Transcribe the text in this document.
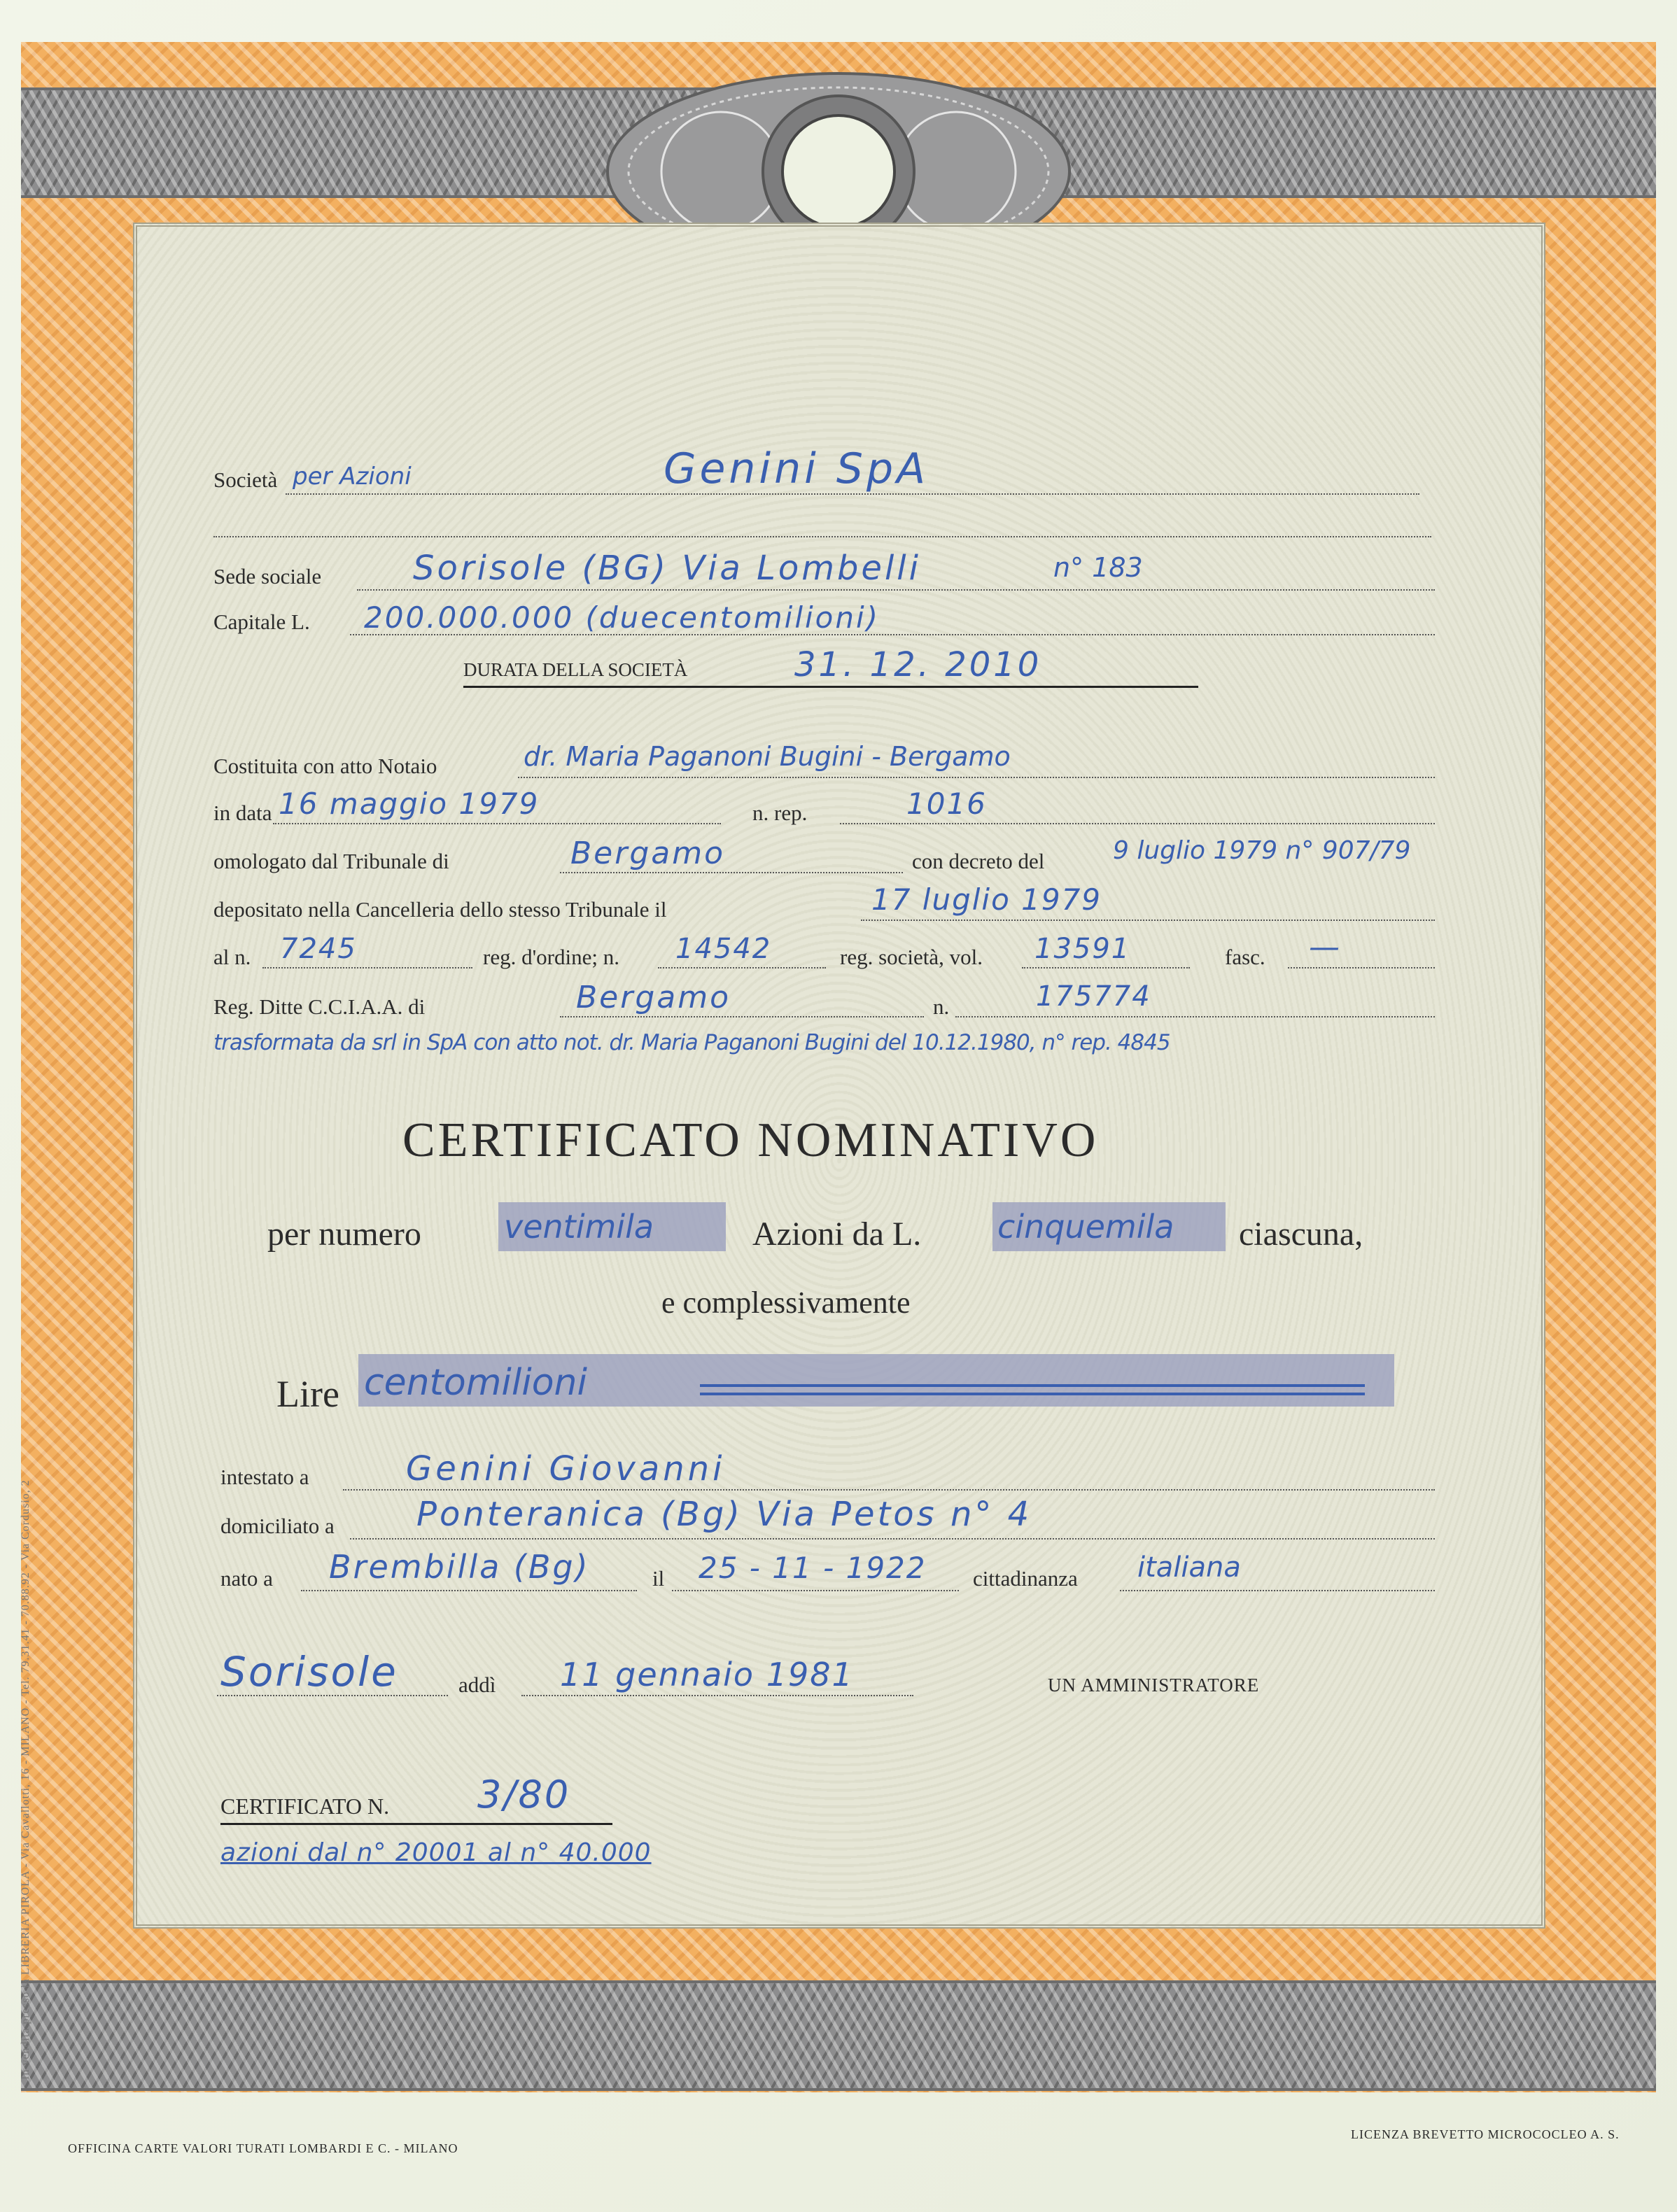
Società per Azioni	Genini SpA
Sede sociale	Sorisole (BG) Via Lombelli	n° 183
Capitale L. 200.000.000 (duecentomilioni)
DURATA DELLA SOCIETÀ	31. 12. 2010
Costituita con atto Notaio	dr. Maria Paganoni Bugini - Bergamo
in data 16 maggio 1979	n. rep.	1016
omologato dal Tribunale di	Bergamo	con decreto del	9 luglio 1979 n° 907/79
depositato nella Cancelleria dello stesso Tribunale il	17 luglio 1979
al n. 7245	reg. d'ordine; n. 14542	reg. società, vol. 13591	fasc. —
Reg. Ditte C.C.I.A.A. di	Bergamo	n.	175774
trasformata da srl in SpA con atto not. dr. Maria Paganoni Bugini del 10.12.1980, n° rep. 4845
CERTIFICATO NOMINATIVO
per numero	ventimila	Azioni da L. cinquemila ciascuna,
e complessivamente
Lire centomilioni
intestato a	Genini Giovanni
domiciliato a Ponteranica (Bg) Via Petos n° 4
nato a Brembilla (Bg)	il 25 - 11 - 1922 cittadinanza italiana
Sorisole	addì 11 gennaio 1981	UN AMMINISTRATORE
CERTIFICATO N. 3/80
azioni dal n° 20001 al n° 40.000
OFFICINA CARTE VALORI TURATI LOMBARDI E C. - MILANO
LICENZA BREVETTO MICROCOCLEO A. S.
In vendita presso la LIBRERIA PIROLA - Via Cavallotti, 16 - MILANO - Tel. 79.31.41 - 70.88.92 - Via Cordusio, 2
